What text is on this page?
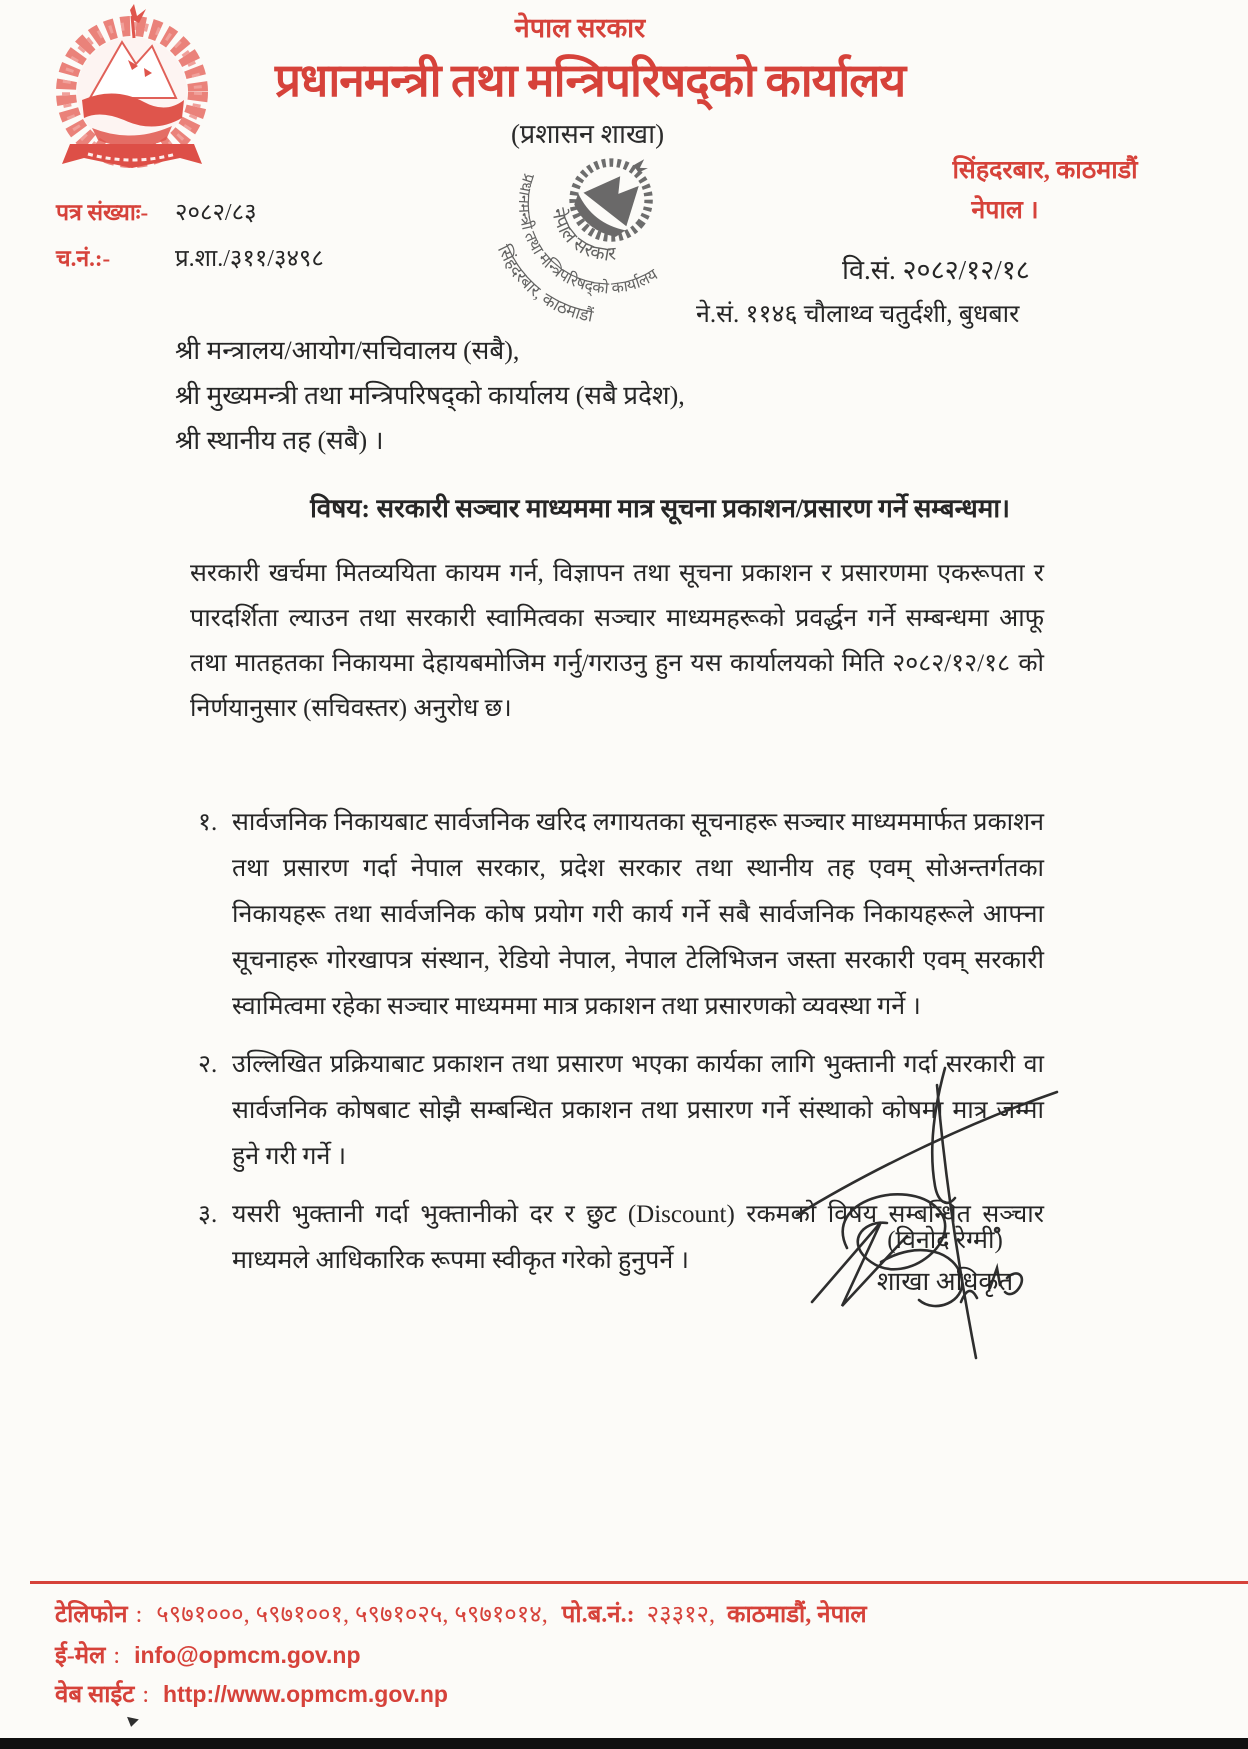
नेपाल सरकार
प्रधानमन्त्री तथा मन्त्रिपरिषद्को कार्यालय
(प्रशासन शाखा)
नेपाल सरकार
प्रधानमन्त्री तथा मन्त्रिपरिषद्को कार्यालय
सिंहदरबार, काठमाडौं
सिंहदरबार, काठमाडौं
नेपाल ।
पत्र संख्याः- २०८२/८३
च.नं.:-	प्र.शा./३११/३४९८	वि.सं. २०८२/१२/१८
ने.सं. ११४६ चौलाथ्व चतुर्दशी, बुधबार
श्री मन्त्रालय/आयोग/सचिवालय (सबै),
श्री मुख्यमन्त्री तथा मन्त्रिपरिषद्को कार्यालय (सबै प्रदेश),
श्री स्थानीय तह (सबै) ।
विषय: सरकारी सञ्चार माध्यममा मात्र सूचना प्रकाशन/प्रसारण गर्ने सम्बन्धमा।
सरकारी खर्चमा मितव्ययिता कायम गर्न, विज्ञापन तथा सूचना प्रकाशन र प्रसारणमा एकरूपता र पारदर्शिता ल्याउन तथा सरकारी स्वामित्वका सञ्चार माध्यमहरूको प्रवर्द्धन गर्ने सम्बन्धमा आफू तथा मातहतका निकायमा देहायबमोजिम गर्नु/गराउनु हुन यस कार्यालयको मिति २०८२/१२/१८ को निर्णयानुसार (सचिवस्तर) अनुरोध छ।
१. सार्वजनिक निकायबाट सार्वजनिक खरिद लगायतका सूचनाहरू सञ्चार माध्यममार्फत प्रकाशन तथा प्रसारण गर्दा नेपाल सरकार, प्रदेश सरकार तथा स्थानीय तह एवम् सोअन्तर्गतका निकायहरू तथा सार्वजनिक कोष प्रयोग गरी कार्य गर्ने सबै सार्वजनिक निकायहरूले आफ्ना सूचनाहरू गोरखापत्र संस्थान, रेडियो नेपाल, नेपाल टेलिभिजन जस्ता सरकारी एवम् सरकारी स्वामित्वमा रहेका सञ्चार माध्यममा मात्र प्रकाशन तथा प्रसारणको व्यवस्था गर्ने ।
२. उल्लिखित प्रक्रियाबाट प्रकाशन तथा प्रसारण भएका कार्यका लागि भुक्तानी गर्दा सरकारी वा सार्वजनिक कोषबाट सोझै सम्बन्धित प्रकाशन तथा प्रसारण गर्ने संस्थाको कोषमा मात्र जम्मा हुने गरी गर्ने ।
३. यसरी भुक्तानी गर्दा भुक्तानीको दर र छुट (Discount) रकमको विषय सम्बन्धित सञ्चार माध्यमले आधिकारिक रूपमा स्वीकृत गरेको हुनुपर्ने ।
(विनोद रेग्मी)
शाखा अधिकृत
टेलिफोन : ५९७१०००, ५९७१००१, ५९७१०२५, ५९७१०१४, पो.ब.नं.: २३३१२, काठमाडौं, नेपाल
ई-मेल : info@opmcm.gov.np
वेब साईट : http://www.opmcm.gov.np
